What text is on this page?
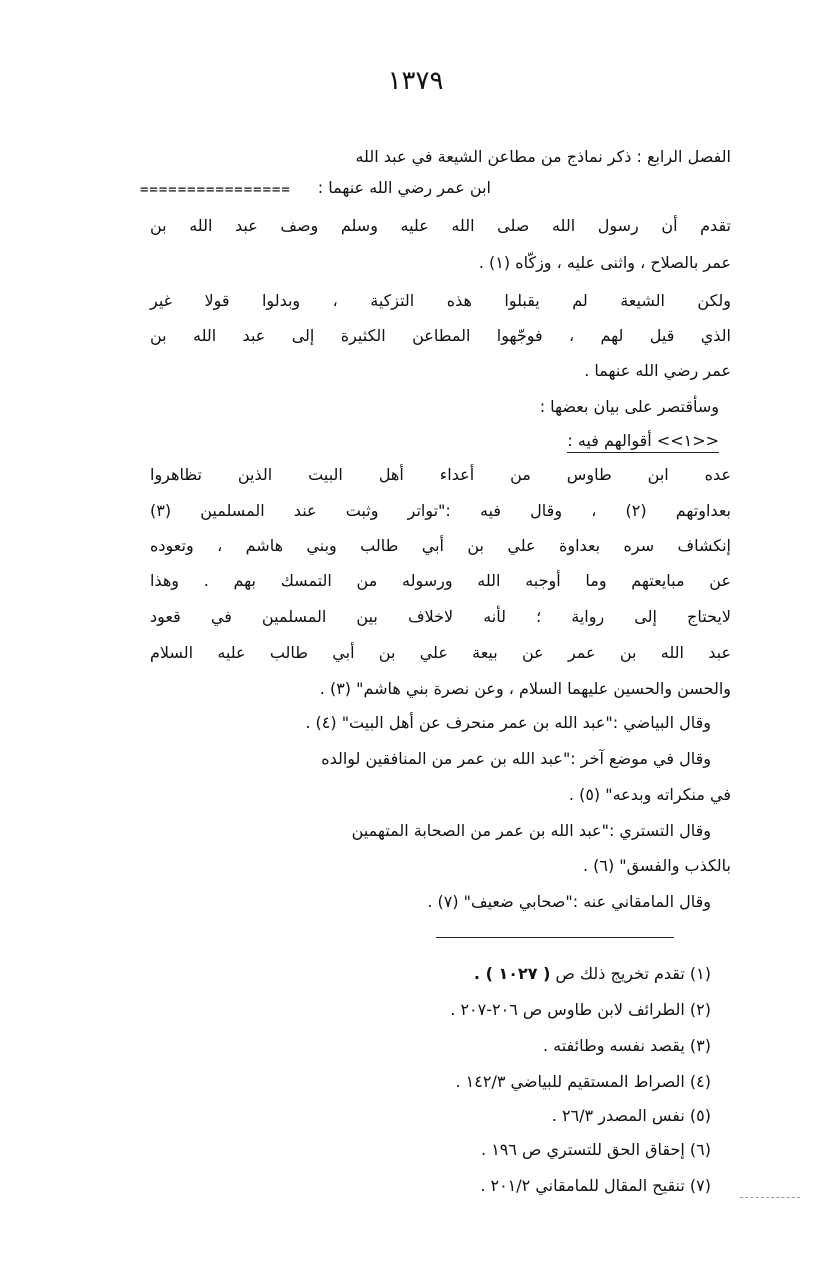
١٣٧٩
الفصل الرابع : ذكر نماذج من مطاعن الشيعة في عبد الله
================	ابن عمر رضي الله عنهما :
تقدم أن رسول الله صلى الله عليه وسلم وصف عبد الله بن
عمر بالصلاح ، واثنى عليه ، وزكّاه (١) .
ولكن الشيعة لم يقبلوا هذه التزكية ، وبدلوا قولا غير
الذي قيل لهم ، فوجّهوا المطاعن الكثيرة إلى عبد الله بن
عمر رضي الله عنهما .
وسأقتصر على بيان بعضها :
<<١>> أقوالهم فيه :
عده ابن طاوس من أعداء أهل البيت الذين تظاهروا
بعداوتهم (٢) ، وقال فيه :"تواتر وثبت عند المسلمين (٣)
إنكشاف سره بعداوة علي بن أبي طالب وبني هاشم ، وتعوده
عن مبايعتهم وما أوجبه الله ورسوله من التمسك بهم . وهذا
لايحتاج إلى رواية ؛ لأنه لاخلاف بين المسلمين في قعود
عبد الله بن عمر عن بيعة علي بن أبي طالب عليه السلام
والحسن والحسين عليهما السلام ، وعن نصرة بني هاشم" (٣) .
وقال البياضي :"عبد الله بن عمر منحرف عن أهل البيت" (٤) .
وقال في موضع آخر :"عبد الله بن عمر من المنافقين لوالده
في منكراته وبدعه" (٥) .
وقال التستري :"عبد الله بن عمر من الصحابة المتهمين
بالكذب والفسق" (٦) .
وقال المامقاني عنه :"صحابي ضعيف" (٧) .
(١) تقدم تخريج ذلك ص ( ١٠٢٧ ) .
(٢) الطرائف لابن طاوس ص ٢٠٦-٢٠٧ .
(٣) يقصد نفسه وطائفته .
(٤) الصراط المستقيم للبياضي ١٤٢/٣ .
(٥) نفس المصدر ٢٦/٣ .
(٦) إحقاق الحق للتستري ص ١٩٦ .
(٧) تنقيح المقال للمامقاني ٢٠١/٢ .
